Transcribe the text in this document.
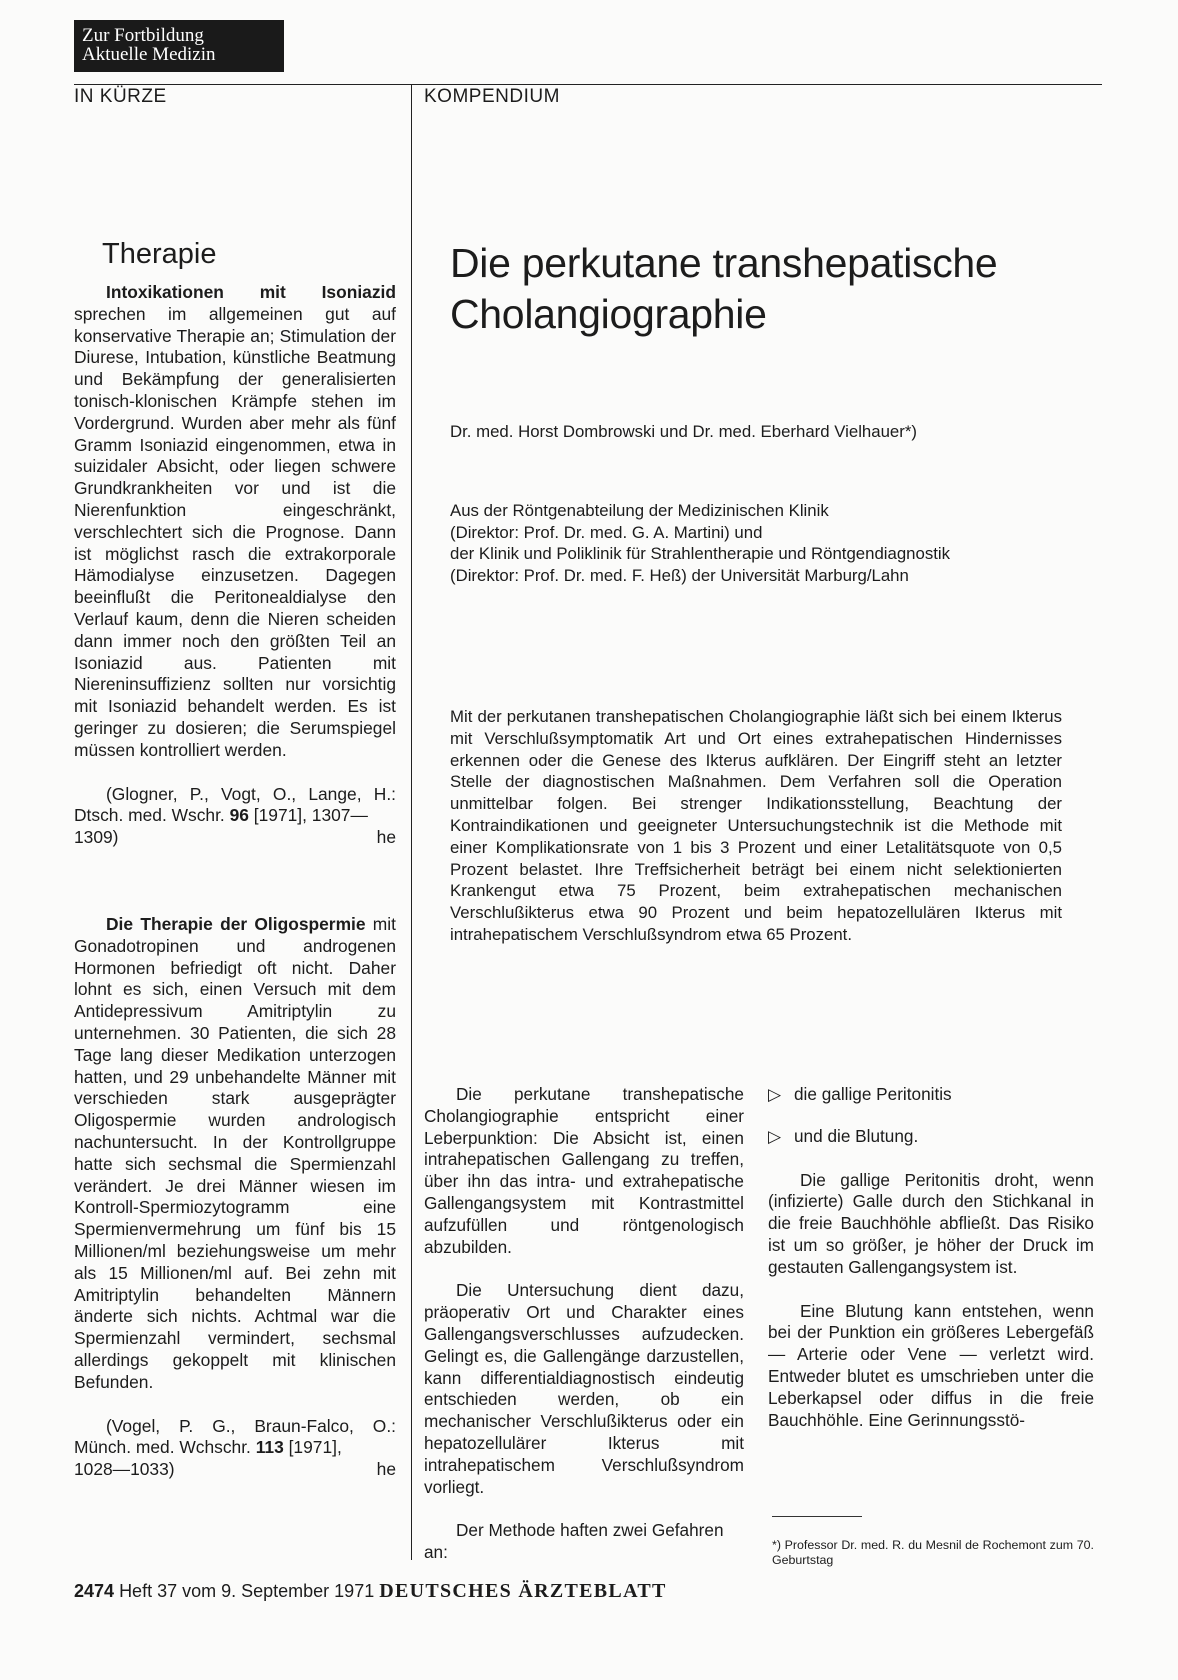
Zur Fortbildung
Aktuelle Medizin
IN KÜRZE	KOMPENDIUM
Therapie

Intoxikationen mit Isoniazid sprechen im allgemeinen gut auf konservative Therapie an; Stimulation der Diurese, Intubation, künstliche Beatmung und Bekämpfung der generalisierten tonisch-klonischen Krämpfe stehen im Vordergrund. Wurden aber mehr als fünf Gramm Isoniazid eingenommen, etwa in suizidaler Absicht, oder liegen schwere Grundkrankheiten vor und ist die Nierenfunktion eingeschränkt, verschlechtert sich die Prognose. Dann ist möglichst rasch die extrakorporale Hämodialyse einzusetzen. Dagegen beeinflußt die Peritonealdialyse den Verlauf kaum, denn die Nieren scheiden dann immer noch den größten Teil an Isoniazid aus. Patienten mit Niereninsuffizienz sollten nur vorsichtig mit Isoniazid behandelt werden. Es ist geringer zu dosieren; die Serumspiegel müssen kontrolliert werden.

(Glogner, P., Vogt, O., Lange, H.: Dtsch. med. Wschr. 96 [1971], 1307—

1309)	he

Die Therapie der Oligospermie mit Gonadotropinen und androgenen Hormonen befriedigt oft nicht. Daher lohnt es sich, einen Versuch mit dem Antidepressivum Amitriptylin zu unternehmen. 30 Patienten, die sich 28 Tage lang dieser Medikation unterzogen hatten, und 29 unbehandelte Männer mit verschieden stark ausgeprägter Oligospermie wurden andrologisch nachuntersucht. In der Kontrollgruppe hatte sich sechsmal die Spermienzahl verändert. Je drei Männer wiesen im Kontroll-Spermiozytogramm eine Spermienvermehrung um fünf bis 15 Millionen/ml beziehungsweise um mehr als 15 Millionen/ml auf. Bei zehn mit Amitriptylin behandelten Männern änderte sich nichts. Achtmal war die Spermienzahl vermindert, sechsmal allerdings gekoppelt mit klinischen Befunden.

(Vogel, P. G., Braun-Falco, O.: Münch. med. Wchschr. 113 [1971],

1028—1033)	he
Die perkutane transhepatische
Cholangiographie
Dr. med. Horst Dombrowski und Dr. med. Eberhard Vielhauer*)
Aus der Röntgenabteilung der Medizinischen Klinik
(Direktor: Prof. Dr. med. G. A. Martini) und
der Klinik und Poliklinik für Strahlentherapie und Röntgendiagnostik
(Direktor: Prof. Dr. med. F. Heß) der Universität Marburg/Lahn

Mit der perkutanen transhepatischen Cholangiographie läßt sich bei einem Ikterus mit Verschlußsymptomatik Art und Ort eines extrahepatischen Hindernisses erkennen oder die Genese des Ikterus aufklären. Der Eingriff steht an letzter Stelle der diagnostischen Maßnahmen. Dem Verfahren soll die Operation unmittelbar folgen. Bei strenger Indikationsstellung, Beachtung der Kontraindikationen und geeigneter Untersuchungstechnik ist die Methode mit einer Komplikationsrate von 1 bis 3 Prozent und einer Letalitätsquote von 0,5 Prozent belastet. Ihre Treffsicherheit beträgt bei einem nicht selektionierten Krankengut etwa 75 Prozent, beim extrahepatischen mechanischen Verschlußikterus etwa 90 Prozent und beim hepatozellulären Ikterus mit intrahepatischem Verschlußsyndrom etwa 65 Prozent.

Die perkutane transhepatische Cholangiographie entspricht einer Leberpunktion: Die Absicht ist, einen intrahepatischen Gallengang zu treffen, über ihn das intra- und extrahepatische Gallengangsystem mit Kontrastmittel aufzufüllen und röntgenologisch abzubilden.

Die Untersuchung dient dazu, präoperativ Ort und Charakter eines Gallengangsverschlusses aufzudecken. Gelingt es, die Gallengänge darzustellen, kann differentialdiagnostisch eindeutig entschieden werden, ob ein mechanischer Verschlußikterus oder ein hepatozellulärer Ikterus mit intrahepatischem Verschlußsyndrom vorliegt.

Der Methode haften zwei Gefahren an:

▷ die gallige Peritonitis
▷ und die Blutung.

Die gallige Peritonitis droht, wenn (infizierte) Galle durch den Stichkanal in die freie Bauchhöhle abfließt. Das Risiko ist um so größer, je höher der Druck im gestauten Gallengangsystem ist.

Eine Blutung kann entstehen, wenn bei der Punktion ein größeres Lebergefäß — Arterie oder Vene — verletzt wird. Entweder blutet es umschrieben unter die Leberkapsel oder diffus in die freie Bauchhöhle. Eine Gerinnungsstö-

*) Professor Dr. med. R. du Mesnil de Rochemont zum 70. Geburtstag

2474 Heft 37 vom 9. September 1971 DEUTSCHES ÄRZTEBLATT
